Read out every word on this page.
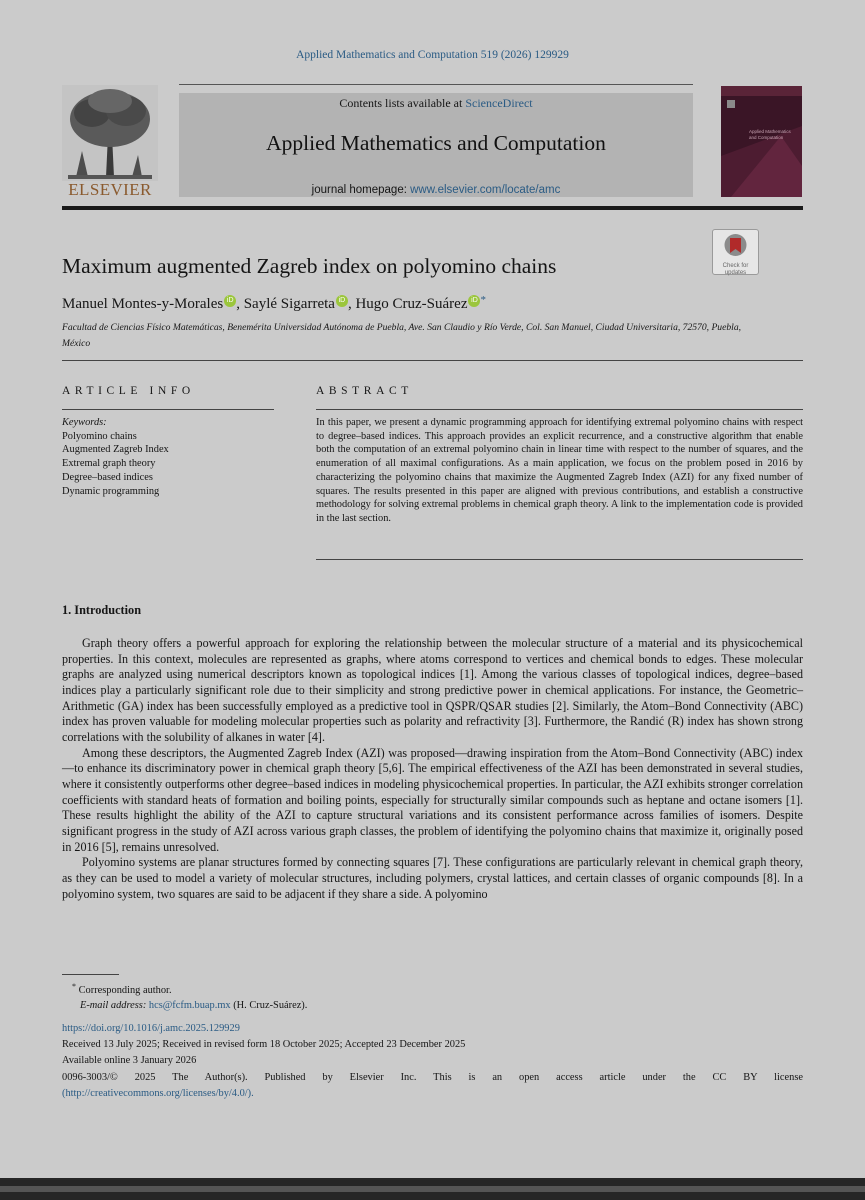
Applied Mathematics and Computation 519 (2026) 129929
ELSEVIER
Contents lists available at ScienceDirect
Applied Mathematics and Computation
journal homepage: www.elsevier.com/locate/amc
Applied Mathematics and Computation
Check for updates
Maximum augmented Zagreb index on polyomino chains
Manuel Montes-y-Morales iD , Saylé Sigarreta iD , Hugo Cruz-Suárez iD *
Facultad de Ciencias Físico Matemáticas, Benemérita Universidad Autónoma de Puebla, Ave. San Claudio y Río Verde, Col. San Manuel, Ciudad Universitaria, 72570, Puebla, México
ARTICLE INFO	ABSTRACT
Keywords:
Polyomino chains
Augmented Zagreb Index
Extremal graph theory
Degree–based indices
Dynamic programming
In this paper, we present a dynamic programming approach for identifying extremal polyomino chains with respect to degree–based indices. This approach provides an explicit recurrence, and a constructive algorithm that enable both the computation of an extremal polyomino chain in linear time with respect to the number of squares, and the enumeration of all maximal configurations. As a main application, we focus on the problem posed in 2016 by characterizing the polyomino chains that maximize the Augmented Zagreb Index (AZI) for any fixed number of squares. The results presented in this paper are aligned with previous contributions, and establish a constructive methodology for solving extremal problems in chemical graph theory. A link to the implementation code is provided in the last section.
1. Introduction

Graph theory offers a powerful approach for exploring the relationship between the molecular structure of a material and its physicochemical properties. In this context, molecules are represented as graphs, where atoms correspond to vertices and chemical bonds to edges. These molecular graphs are analyzed using numerical descriptors known as topological indices [1]. Among the various classes of topological indices, degree–based indices play a particularly significant role due to their simplicity and strong predictive power in chemical applications. For instance, the Geometric–Arithmetic (GA) index has been successfully employed as a predictive tool in QSPR/QSAR studies [2]. Similarly, the Atom–Bond Connectivity (ABC) index has proven valuable for modeling molecular properties such as polarity and refractivity [3]. Furthermore, the Randić (R) index has shown strong correlations with the solubility of alkanes in water [4].

Among these descriptors, the Augmented Zagreb Index (AZI) was proposed—drawing inspiration from the Atom–Bond Connectivity (ABC) index—to enhance its discriminatory power in chemical graph theory [5,6]. The empirical effectiveness of the AZI has been demonstrated in several studies, where it consistently outperforms other degree–based indices in modeling physicochemical properties. In particular, the AZI exhibits stronger correlation coefficients with standard heats of formation and boiling points, especially for structurally similar compounds such as heptane and octane isomers [1]. These results highlight the ability of the AZI to capture structural variations and its consistent performance across families of isomers. Despite significant progress in the study of AZI across various graph classes, the problem of identifying the polyomino chains that maximize it, originally posed in 2016 [5], remains unresolved.

Polyomino systems are planar structures formed by connecting squares [7]. These configurations are particularly relevant in chemical graph theory, as they can be used to model a variety of molecular structures, including polymers, crystal lattices, and certain classes of organic compounds [8]. In a polyomino system, two squares are said to be adjacent if they share a side. A polyomino

* Corresponding author.
E-mail address: hcs@fcfm.buap.mx (H. Cruz-Suárez).
https://doi.org/10.1016/j.amc.2025.129929
Received 13 July 2025; Received in revised form 18 October 2025; Accepted 23 December 2025
Available online 3 January 2026
0096-3003/© 2025 The Author(s). Published by Elsevier Inc. This is an open access article under the CC BY license
(http://creativecommons.org/licenses/by/4.0/).
